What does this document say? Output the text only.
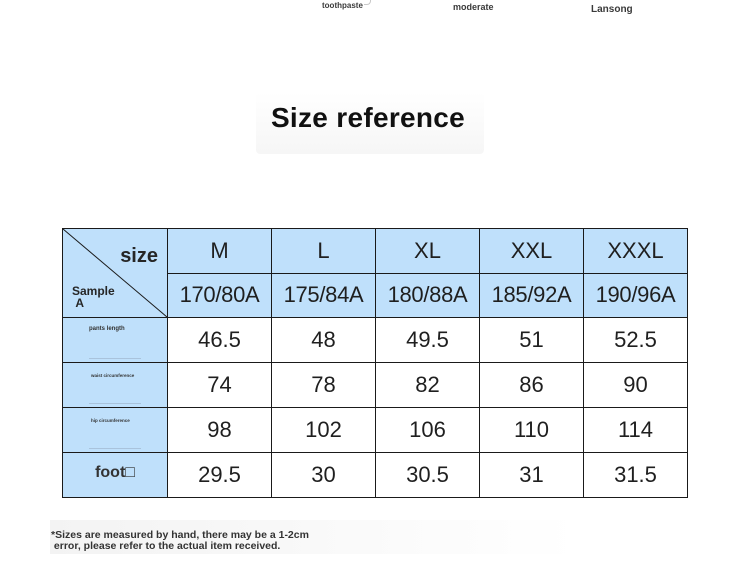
toothpaste	moderate	Lansong
Size reference
size
Sample
A	M	L	XL	XXL	XXXL
	170/80A	175/84A	180/88A	185/92A	190/96A

pants length	46.5	48	49.5	51	52.5

waist circumference	74	78	82	86	90

hip circumference	98	102	106	110	114

foot□	29.5	30	30.5	31	31.5
*Sizes are measured by hand, there may be a 1-2cm
error, please refer to the actual item received.
